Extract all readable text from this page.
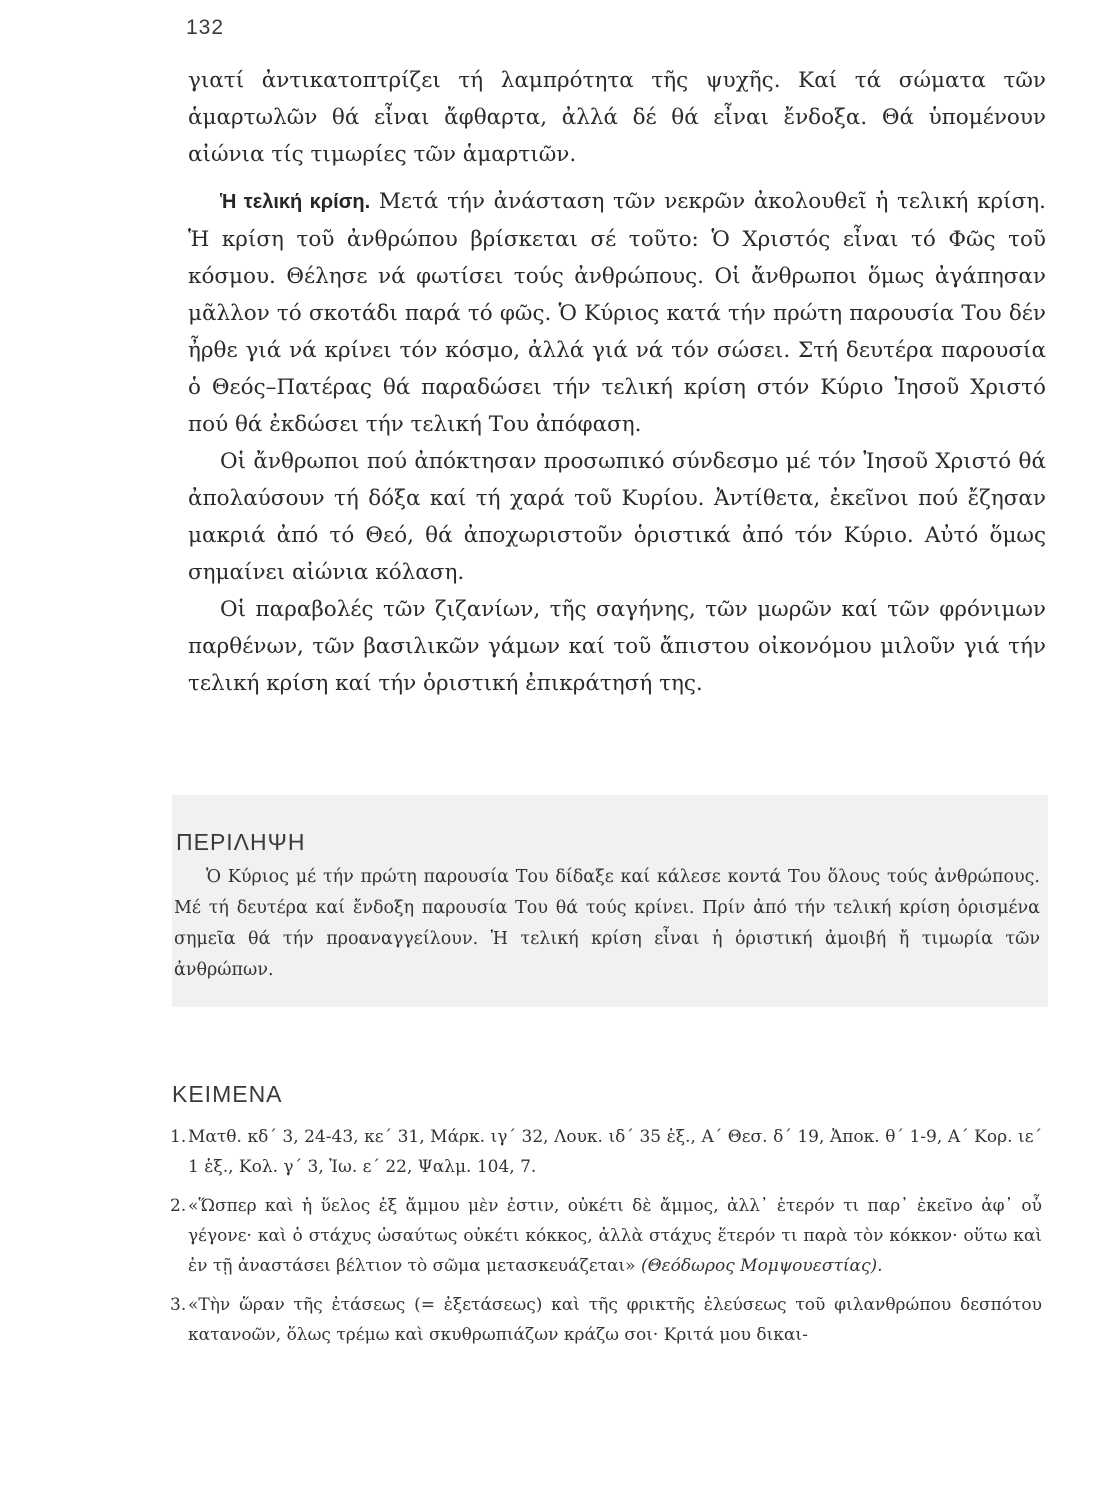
132

γιατί ἀντικατοπτρίζει τή λαμπρότητα τῆς ψυχῆς. Καί τά σώματα τῶν ἁμαρτωλῶν θά εἶναι ἄφθαρτα, ἀλλά δέ θά εἶναι ἔνδοξα. Θά ὑπομένουν αἰώνια τίς τιμωρίες τῶν ἁμαρτιῶν.

Ἡ τελική κρίση. Μετά τήν ἀνάσταση τῶν νεκρῶν ἀκολουθεῖ ἡ τελική κρίση. Ἡ κρίση τοῦ ἀνθρώπου βρίσκεται σέ τοῦτο: Ὁ Χριστός εἶναι τό Φῶς τοῦ κόσμου. Θέλησε νά φωτίσει τούς ἀνθρώπους. Οἱ ἄνθρωποι ὅμως ἀγάπησαν μᾶλλον τό σκοτάδι παρά τό φῶς. Ὁ Κύριος κατά τήν πρώτη παρουσία Του δέν ἦρθε γιά νά κρίνει τόν κόσμο, ἀλλά γιά νά τόν σώσει. Στή δευτέρα παρουσία ὁ Θεός–Πατέρας θά παραδώσει τήν τελική κρίση στόν Κύριο Ἰησοῦ Χριστό πού θά ἐκδώσει τήν τελική Του ἀπόφαση.

Οἱ ἄνθρωποι πού ἀπόκτησαν προσωπικό σύνδεσμο μέ τόν Ἰησοῦ Χριστό θά ἀπολαύσουν τή δόξα καί τή χαρά τοῦ Κυρίου. Ἀντίθετα, ἐκεῖνοι πού ἔζησαν μακριά ἀπό τό Θεό, θά ἀποχωριστοῦν ὁριστικά ἀπό τόν Κύριο. Αὐτό ὅμως σημαίνει αἰώνια κόλαση.

Οἱ παραβολές τῶν ζιζανίων, τῆς σαγήνης, τῶν μωρῶν καί τῶν φρόνιμων παρθένων, τῶν βασιλικῶν γάμων καί τοῦ ἄπιστου οἰκονόμου μιλοῦν γιά τήν τελική κρίση καί τήν ὁριστική ἐπικράτησή της.

ΠΕΡΙΛΗΨΗ

Ὁ Κύριος μέ τήν πρώτη παρουσία Του δίδαξε καί κάλεσε κοντά Του ὅλους τούς ἀνθρώπους. Μέ τή δευτέρα καί ἔνδοξη παρουσία Του θά τούς κρίνει. Πρίν ἀπό τήν τελική κρίση ὁρισμένα σημεῖα θά τήν προαναγγείλουν. Ἡ τελική κρίση εἶναι ἡ ὁριστική ἀμοιβή ἤ τιμωρία τῶν ἀνθρώπων.

ΚΕΙΜΕΝΑ
1. Ματθ. κδ΄ 3, 24-43, κε΄ 31, Μάρκ. ιγ΄ 32, Λουκ. ιδ΄ 35 ἑξ., Α΄ Θεσ. δ΄ 19, Ἀποκ. θ΄ 1-9, Α΄ Κορ. ιε΄ 1 ἑξ., Κολ. γ΄ 3, Ἰω. ε΄ 22, Ψαλμ. 104, 7.
2. «Ὥσπερ καὶ ἡ ὕελος ἐξ ἄμμου μὲν ἐστιν, οὐκέτι δὲ ἄμμος, ἀλλ᾽ ἑτερόν τι παρ᾽ ἐκεῖνο ἀφ᾽ οὗ γέγονε· καὶ ὁ στάχυς ὡσαύτως οὐκέτι κόκκος, ἀλλὰ στάχυς ἕτερόν τι παρὰ τὸν κόκκον· οὕτω καὶ ἐν τῇ ἀναστάσει βέλτιον τὸ σῶμα μετασκευάζεται» (Θεόδωρος Μομψουεστίας).
3. «Τὴν ὥραν τῆς ἐτάσεως (= ἐξετάσεως) καὶ τῆς φρικτῆς ἐλεύσεως τοῦ φιλανθρώπου δεσπότου κατανοῶν, ὅλως τρέμω καὶ σκυθρωπιάζων κράζω σοι· Κριτά μου δικαι-
